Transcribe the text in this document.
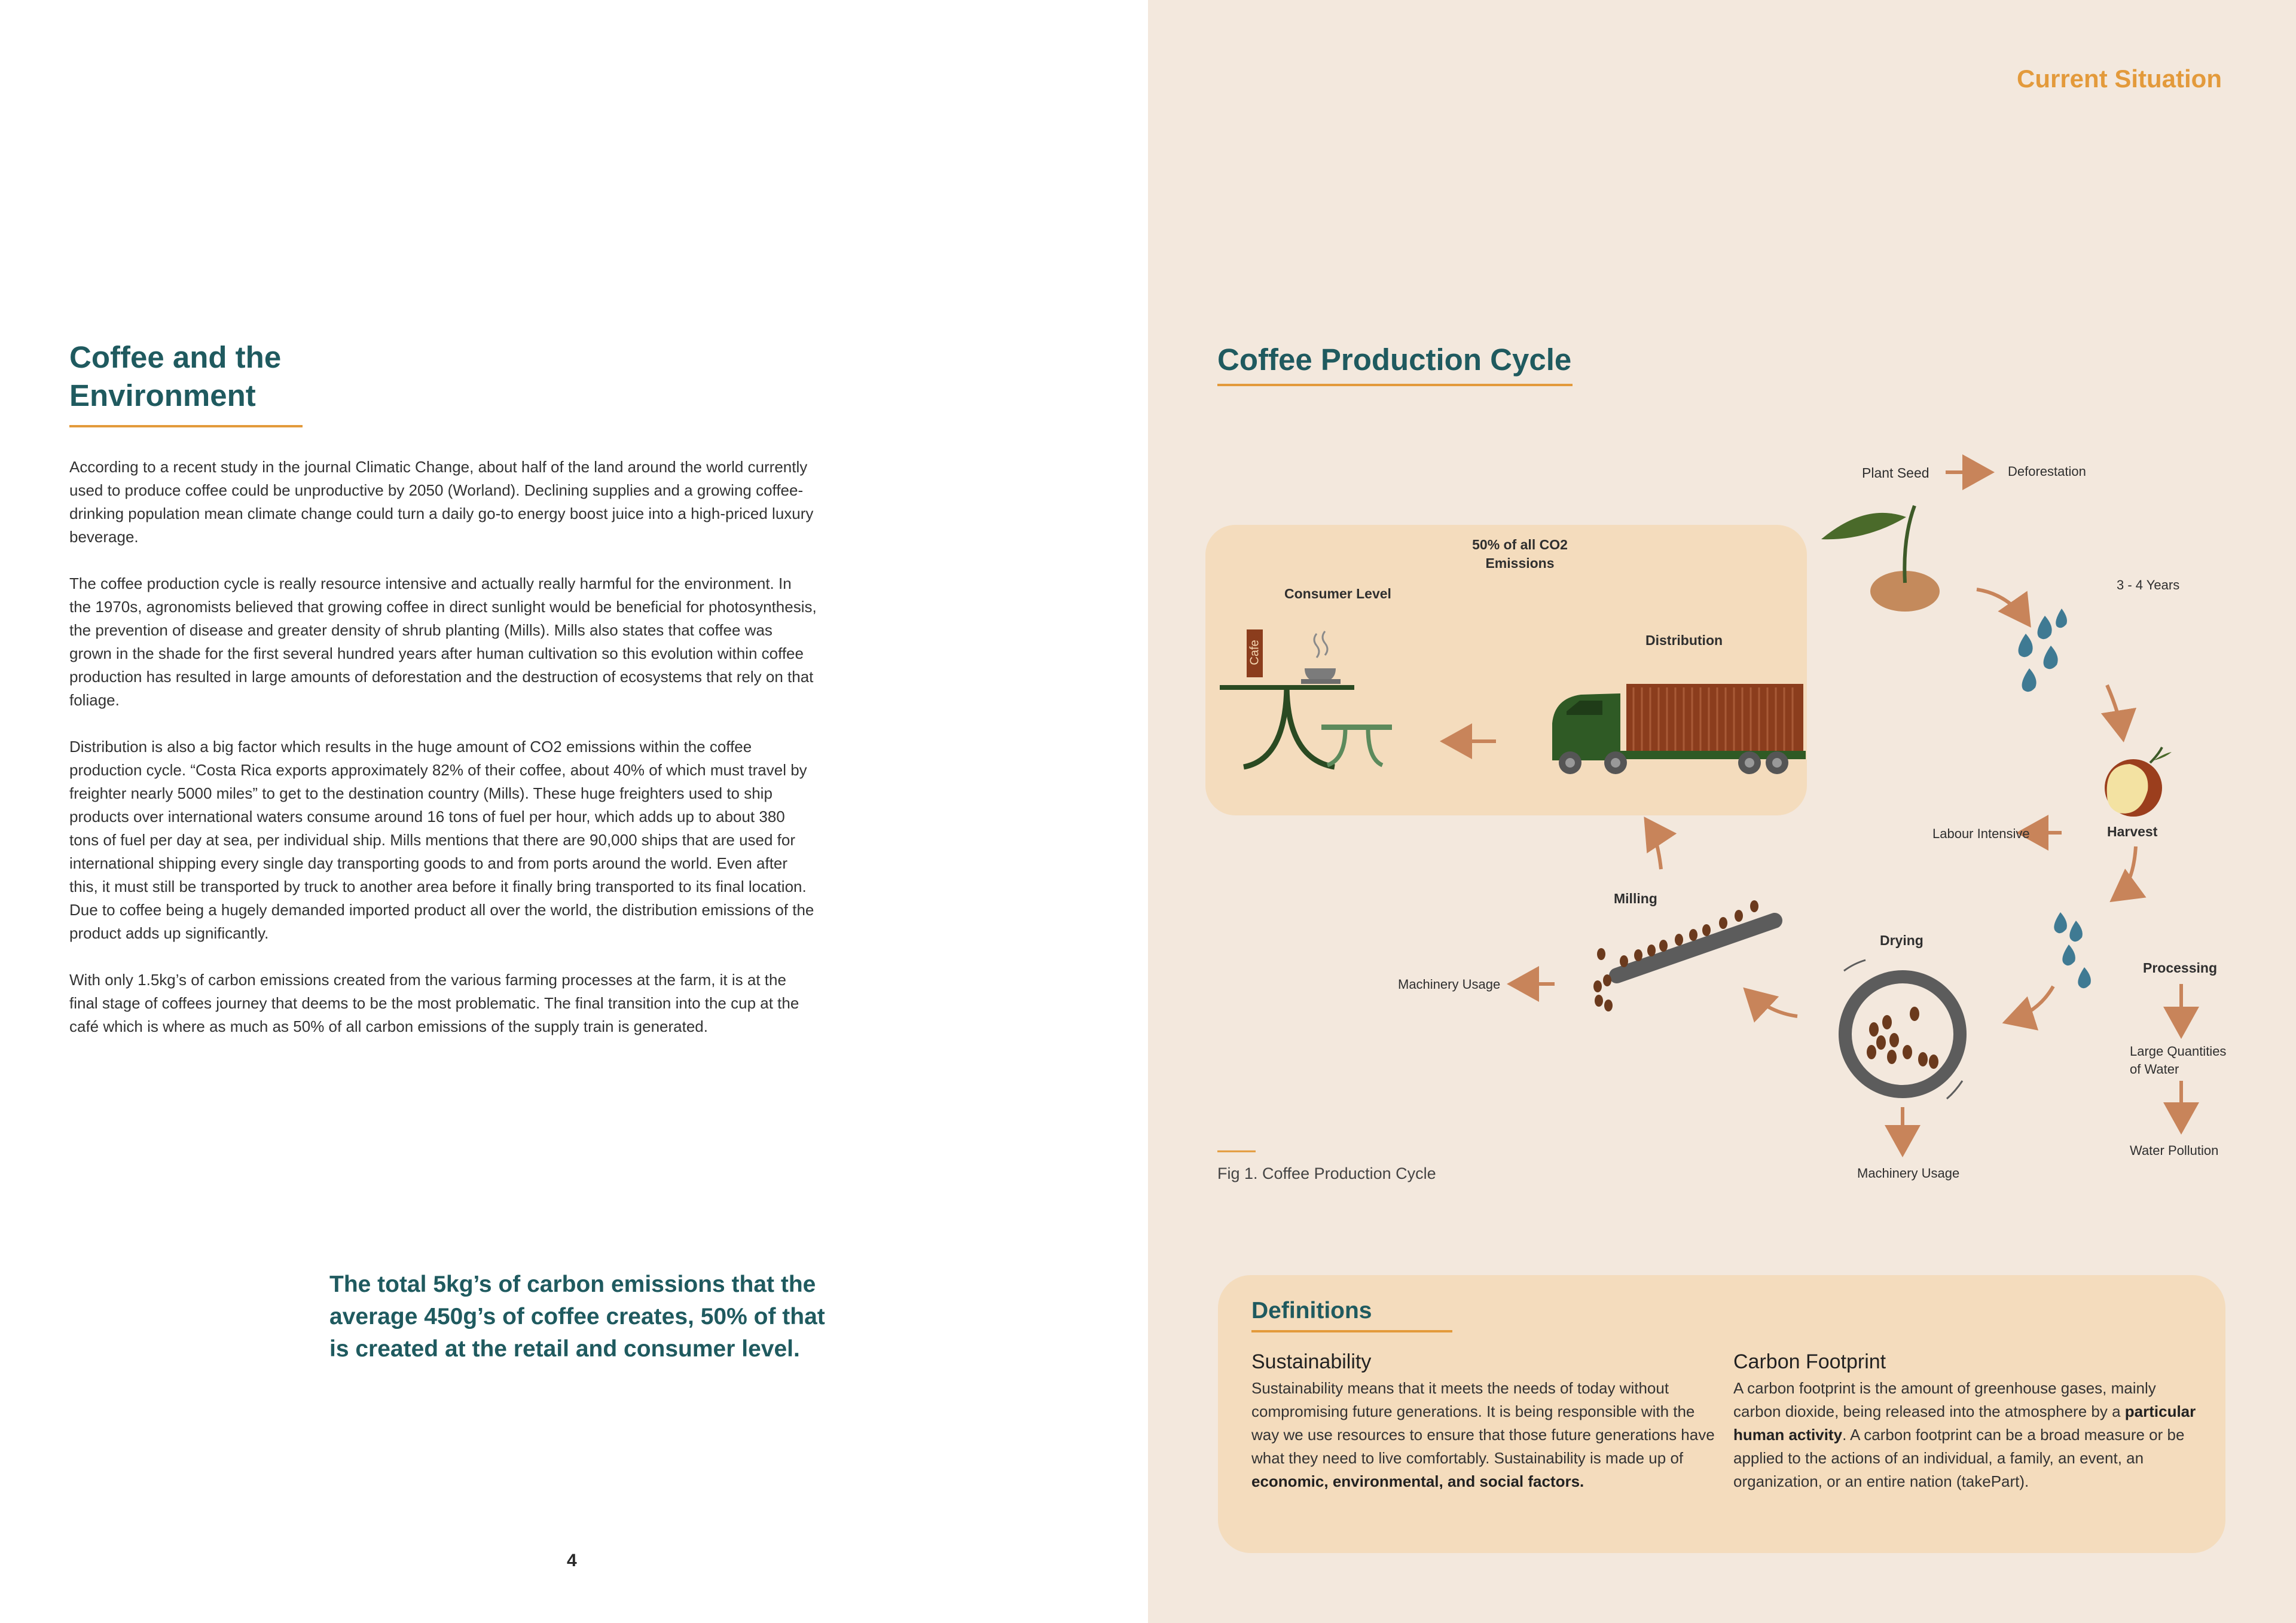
Coffee and the
Environment

According to a recent study in the journal Climatic Change, about half of the land around the world currently used to produce coffee could be unproductive by 2050 (Worland). Declining supplies and a growing coffee-drinking population mean climate change could turn a daily go-to energy boost juice into a high-priced luxury beverage.

The coffee production cycle is really resource intensive and actually really harmful for the environment. In the 1970s, agronomists believed that growing coffee in direct sunlight would be beneficial for photosynthesis, the prevention of disease and greater density of shrub planting (Mills). Mills also states that coffee was grown in the shade for the first several hundred years after human cultivation so this evolution within coffee production has resulted in large amounts of deforestation and the destruction of ecosystems that rely on that foliage.

Distribution is also a big factor which results in the huge amount of CO2 emissions within the coffee production cycle. “Costa Rica exports approximately 82% of their coffee, about 40% of which must travel by freighter nearly 5000 miles” to get to the destination country (Mills). These huge freighters used to ship products over international waters consume around 16 tons of fuel per hour, which adds up to about 380 tons of fuel per day at sea, per individual ship. Mills mentions that there are 90,000 ships that are used for international shipping every single day transporting goods to and from ports around the world. Even after this, it must still be transported by truck to another area before it finally bring transported to its final location. Due to coffee being a hugely demanded imported product all over the world, the distribution emissions of the product adds up significantly.

With only 1.5kg’s of carbon emissions created from the various farming processes at the farm, it is at the final stage of coffees journey that deems to be the most problematic. The final transition into the cup at the café which is where as much as 50% of all carbon emissions of the supply train is generated.

The total 5kg’s of carbon emissions that the average 450g’s of coffee creates, 50% of that is created at the retail and consumer level.
4
Current Situation
Coffee Production Cycle
Plant Seed	Deforestation
3 - 4 Years
Harvest
Labour Intensive
Processing
Large Quantities
of Water
Water Pollution
Drying
Machinery Usage
Milling
Machinery Usage
Distribution
Consumer Level
50% of all CO2
Emissions
Cafe
Fig 1. Coffee Production Cycle
Definitions
Sustainability
Sustainability means that it meets the needs of today without compromising future generations. It is being responsible with the way we use resources to ensure that those future generations have what they need to live comfortably. Sustainability is made up of economic, environmental, and social factors.
Carbon Footprint
A carbon footprint is the amount of greenhouse gases, mainly carbon dioxide, being released into the atmosphere by a particular human activity. A carbon footprint can be a broad measure or be applied to the actions of an individual, a family, an event, an organization, or an entire nation (takePart).
